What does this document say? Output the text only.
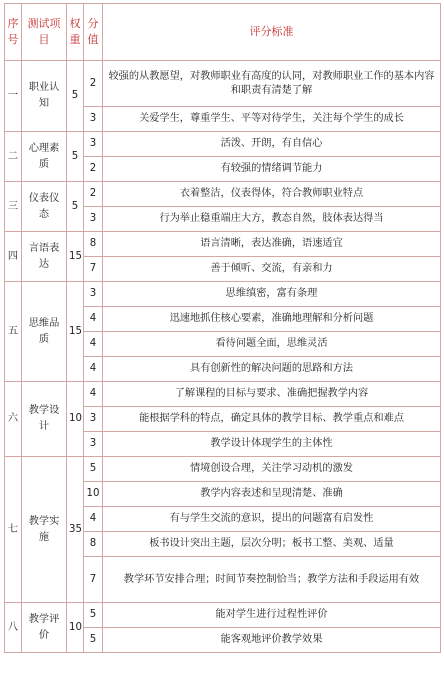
序号	测试项目	权重	分值	评分标准
一	职业认知	5	2	较强的从教愿望，对教师职业有高度的认同，对教师职业工作的基本内容和职责有清楚了解
			3	关爱学生，尊重学生、平等对待学生，关注每个学生的成长
二	心理素质	5	3	活泼、开朗，有自信心
			2	有较强的情绪调节能力
三	仪表仪态	5	2	衣着整洁，仪表得体，符合教师职业特点
			3	行为举止稳重端庄大方，教态自然，肢体表达得当
四	言语表达	15	8	语言清晰，表达准确，语速适宜
			7	善于倾听、交流，有亲和力
五	思维品质	15	3	思维缜密，富有条理
			4	迅速地抓住核心要素，准确地理解和分析问题
			4	看待问题全面，思维灵活
			4	具有创新性的解决问题的思路和方法
六	教学设计	10	4	了解课程的目标与要求、准确把握教学内容
			3	能根据学科的特点，确定具体的教学目标、教学重点和难点
			3	教学设计体现学生的主体性
七	教学实施	35	5	情境创设合理，关注学习动机的激发
			10	教学内容表述和呈现清楚、准确
			4	有与学生交流的意识，提出的问题富有启发性
			8	板书设计突出主题，层次分明；板书工整、美观、适量
			7	教学环节安排合理；时间节奏控制恰当；教学方法和手段运用有效
八	教学评价	10	5	能对学生进行过程性评价
			5	能客观地评价教学效果
